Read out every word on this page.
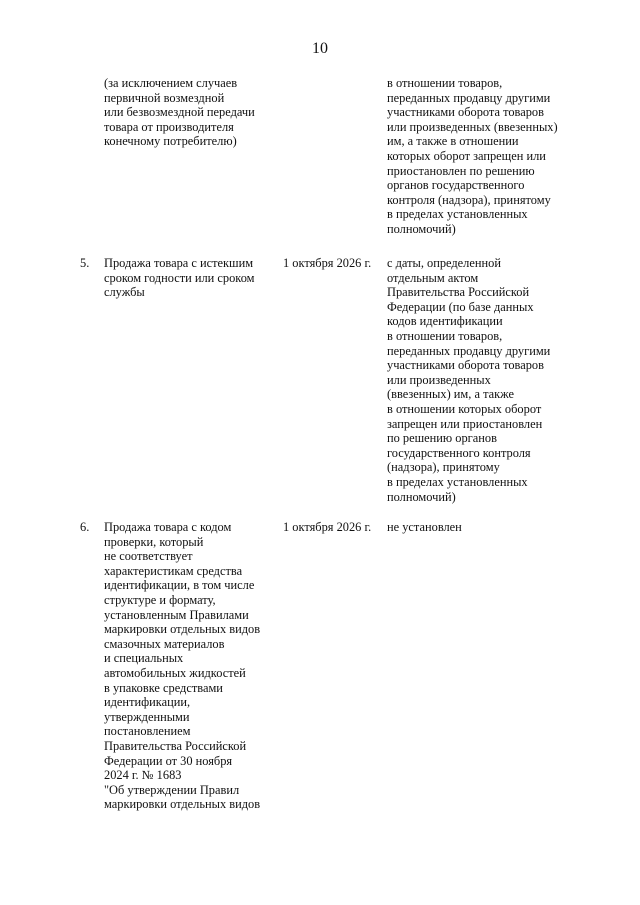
10
(за исключением случаев
первичной возмездной
или безвозмездной передачи
товара от производителя
конечному потребителю)
в отношении товаров,
переданных продавцу другими
участниками оборота товаров
или произведенных (ввезенных)
им, а также в отношении
которых оборот запрещен или
приостановлен по решению
органов государственного
контроля (надзора), принятому
в пределах установленных
полномочий)
5. Продажа товара с истекшим
сроком годности или сроком
службы
1 октября 2026 г.	с даты, определенной
отдельным актом
Правительства Российской
Федерации (по базе данных
кодов идентификации
в отношении товаров,
переданных продавцу другими
участниками оборота товаров
или произведенных
(ввезенных) им, а также
в отношении которых оборот
запрещен или приостановлен
по решению органов
государственного контроля
(надзора), принятому
в пределах установленных
полномочий)
6. Продажа товара с кодом
проверки, который
не соответствует
характеристикам средства
идентификации, в том числе
структуре и формату,
установленным Правилами
маркировки отдельных видов
смазочных материалов
и специальных
автомобильных жидкостей
в упаковке средствами
идентификации,
утвержденными
постановлением
Правительства Российской
Федерации от 30 ноября
2024 г. № 1683
"Об утверждении Правил
маркировки отдельных видов
1 октября 2026 г.	не установлен
